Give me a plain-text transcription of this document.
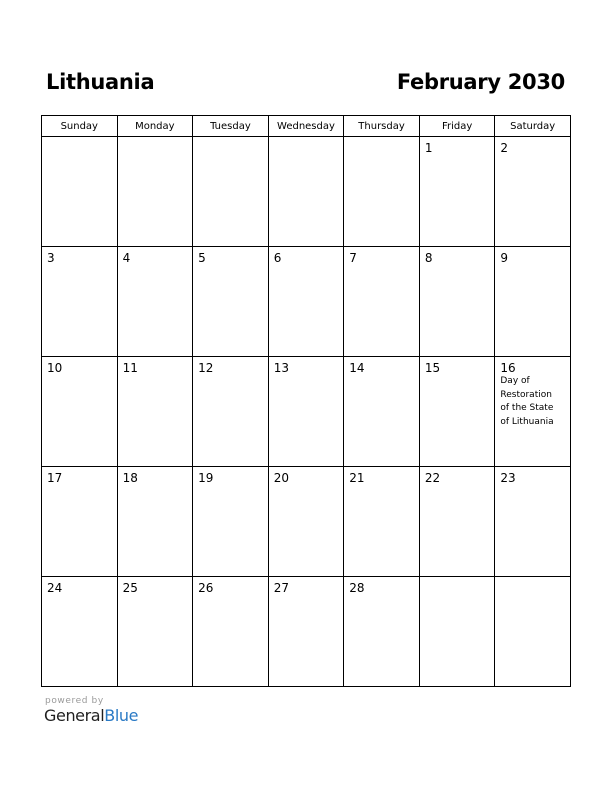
Lithuania	February 2030
Sunday	Monday	Tuesday	Wednesday	Thursday	Friday	Saturday

					1	2

3	4	5	6	7	8	9

10	11	12	13	14	15	16
Day of
Restoration
of the State
of Lithuania

17	18	19	20	21	22	23

24	25	26	27	28		

powered by
GeneralBlue
